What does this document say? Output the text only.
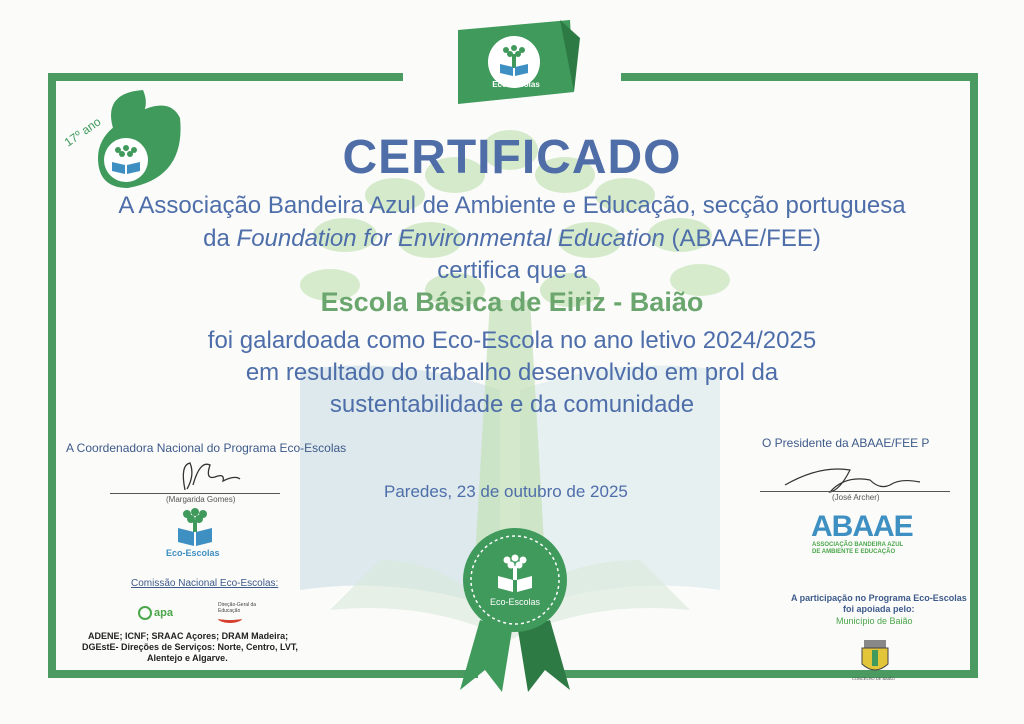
Eco-Escolas
17º ano	CERTIFICADO
A Associação Bandeira Azul de Ambiente e Educação, secção portuguesa
da Foundation for Environmental Education (ABAAE/FEE)
certifica que a
Escola Básica de Eiriz - Baião
foi galardoada como Eco-Escola no ano letivo 2024/2025
em resultado do trabalho desenvolvido em prol da
sustentabilidade e da comunidade
Paredes, 23 de outubro de 2025
A Coordenadora Nacional do Programa Eco-Escolas
(Margarida Gomes)
Eco-Escolas
Comissão Nacional Eco-Escolas:
apa
Direção-Geral da Educação
ADENE; ICNF; SRAAC Açores; DRAM Madeira;
DGEstE- Direções de Serviços: Norte, Centro, LVT,
Alentejo e Algarve.
O Presidente da ABAAE/FEE P
(José Archer)
ABAAE
ASSOCIAÇÃO BANDEIRA AZUL
DE AMBIENTE E EDUCAÇÃO
A participação no Programa Eco-Escolas
foi apoiada pelo:
Município de Baião
CONCELHO DE BAIÃO
Eco-Escolas
